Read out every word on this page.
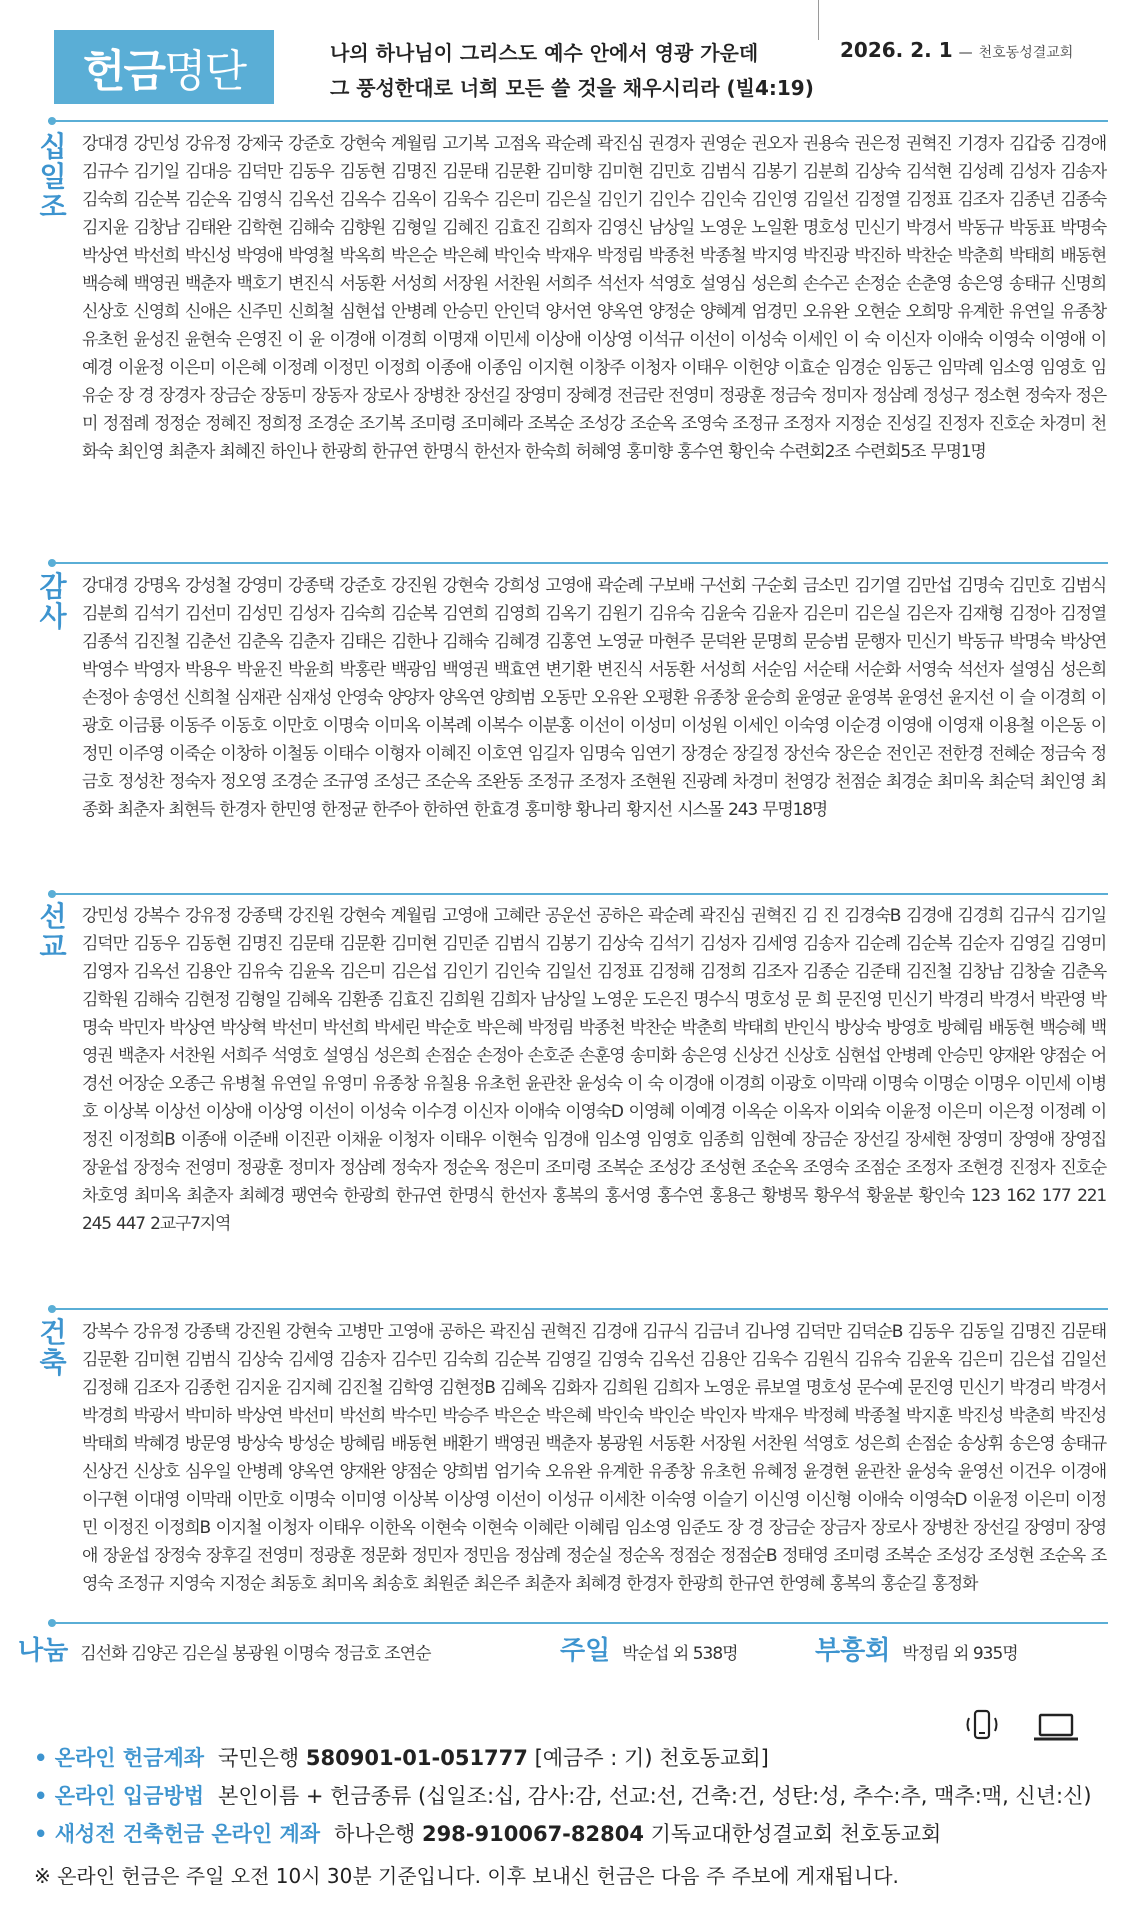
헌금 명단	나의 하나님이 그리스도 예수 안에서 영광 가운데
그 풍성한대로 너희 모든 쓸 것을 채우시리라 (빌4:19)
2026. 2. 1 — 천호동성결교회
십일조
강대경 강민성 강유정 강제국 강준호 강현숙 계월림 고기복 고점옥 곽순례 곽진심 권경자 권영순 권오자 권용숙 권은정 권혁진 기경자 김갑중 김경애 김규수 김기일 김대응 김덕만 김동우 김동현 김명진 김문태 김문환 김미향 김미현 김민호 김범식 김봉기 김분희 김상숙 김석현 김성례 김성자 김송자 김숙희 김순복 김순옥 김영식 김옥선 김옥수 김옥이 김욱수 김은미 김은실 김인기 김인수 김인숙 김인영 김일선 김정열 김정표 김조자 김종년 김종숙 김지윤 김창남 김태완 김학현 김해숙 김향원 김형일 김혜진 김효진 김희자 김영신 남상일 노영운 노일환 명호성 민신기 박경서 박동규 박동표 박명숙 박상연 박선희 박신성 박영애 박영철 박옥희 박은순 박은혜 박인숙 박재우 박정림 박종천 박종철 박지영 박진광 박진하 박찬순 박춘희 박태희 배동현 백승혜 백영권 백춘자 백호기 변진식 서동환 서성희 서장원 서찬원 서희주 석선자 석영호 설영심 성은희 손수곤 손정순 손춘영 송은영 송태규 신명희 신상호 신영희 신애은 신주민 신희철 심현섭 안병례 안승민 안인덕 양서연 양옥연 양정순 양혜계 엄경민 오유완 오현순 오희망 유계한 유연일 유종창 유초헌 윤성진 윤현숙 은영진 이 윤 이경애 이경희 이명재 이민세 이상애 이상영 이석규 이선이 이성숙 이세인 이 숙 이신자 이애숙 이영숙 이영애 이예경 이윤정 이은미 이은혜 이정례 이정민 이정희 이종애 이종임 이지현 이창주 이청자 이태우 이헌양 이효순 임경순 임동근 임막례 임소영 임영호 임유순 장 경 장경자 장금순 장동미 장동자 장로사 장병찬 장선길 장영미 장혜경 전금란 전영미 정광훈 정금숙 정미자 정삼례 정성구 정소현 정숙자 정은미 정점례 정정순 정혜진 정희정 조경순 조기복 조미령 조미혜라 조복순 조성강 조순옥 조영숙 조정규 조정자 지정순 진성길 진정자 진호순 차경미 천화숙 최인영 최춘자 최혜진 하인나 한광희 한규연 한명식 한선자 한숙희 허혜영 홍미향 홍수연 황인숙 수련회2조 수련회5조 무명1명
감사
강대경 강명옥 강성철 강영미 강종택 강준호 강진원 강현숙 강희성 고영애 곽순례 구보배 구선회 구순회 금소민 김기열 김만섭 김명숙 김민호 김범식 김분희 김석기 김선미 김성민 김성자 김숙희 김순복 김연희 김영희 김옥기 김원기 김유숙 김윤숙 김윤자 김은미 김은실 김은자 김재형 김정아 김정열 김종석 김진철 김춘선 김춘옥 김춘자 김태은 김한나 김해숙 김혜경 김홍연 노영균 마현주 문덕완 문명희 문승범 문행자 민신기 박동규 박명숙 박상연 박영수 박영자 박용우 박윤진 박윤희 박홍란 백광임 백영권 백효연 변기환 변진식 서동환 서성희 서순임 서순태 서순화 서영숙 석선자 설영심 성은희 손정아 송영선 신희철 심재관 심재성 안영숙 양양자 양옥연 양희범 오동만 오유완 오평환 유종창 윤승희 윤영균 윤영복 윤영선 윤지선 이 슬 이경희 이광호 이금룡 이동주 이동호 이만호 이명숙 이미옥 이복례 이복수 이분홍 이선이 이성미 이성원 이세인 이숙영 이순경 이영애 이영재 이용철 이은동 이정민 이주영 이죽순 이창하 이철동 이태수 이형자 이혜진 이호연 임길자 임명숙 임연기 장경순 장길정 장선숙 장은순 전인곤 전한경 전혜순 정금숙 정금호 정성찬 정숙자 정오영 조경순 조규영 조성근 조순옥 조완동 조정규 조정자 조현원 진광례 차경미 천영강 천점순 최경순 최미옥 최순덕 최인영 최종화 최춘자 최현득 한경자 한민영 한정균 한주아 한하연 한효경 홍미향 황나리 황지선 시스몰 243 무명18명
선교
강민성 강복수 강유정 강종택 강진원 강현숙 계월림 고영애 고혜란 공운선 공하은 곽순례 곽진심 권혁진 김 진 김경숙B 김경애 김경희 김규식 김기일 김덕만 김동우 김동현 김명진 김문태 김문환 김미현 김민준 김범식 김봉기 김상숙 김석기 김성자 김세영 김송자 김순례 김순복 김순자 김영길 김영미 김영자 김옥선 김용안 김유숙 김윤옥 김은미 김은섭 김인기 김인숙 김일선 김정표 김정해 김정희 김조자 김종순 김준태 김진철 김창남 김창술 김춘옥 김학원 김해숙 김현정 김형일 김혜옥 김환종 김효진 김희원 김희자 남상일 노영운 도은진 명수식 명호성 문 희 문진영 민신기 박경리 박경서 박관영 박명숙 박민자 박상연 박상혁 박선미 박선희 박세린 박순호 박은혜 박정림 박종천 박찬순 박춘희 박태희 반인식 방상숙 방영호 방혜림 배동현 백승혜 백영권 백춘자 서찬원 서희주 석영호 설영심 성은희 손점순 손정아 손호준 손훈영 송미화 송은영 신상건 신상호 심현섭 안병례 안승민 양재완 양점순 어경선 어장순 오종근 유병철 유연일 유영미 유종창 유칠용 유초헌 윤관찬 윤성숙 이 숙 이경애 이경희 이광호 이막래 이명숙 이명순 이명우 이민세 이병호 이상복 이상선 이상애 이상영 이선이 이성숙 이수경 이신자 이애숙 이영숙D 이영혜 이예경 이옥순 이옥자 이외숙 이윤정 이은미 이은정 이정례 이정진 이정희B 이종애 이준배 이진관 이채윤 이청자 이태우 이현숙 임경애 임소영 임영호 임종희 임현예 장금순 장선길 장세현 장영미 장영애 장영집 장윤섭 장정숙 전영미 정광훈 정미자 정삼례 정숙자 정순옥 정은미 조미령 조복순 조성강 조성현 조순옥 조영숙 조점순 조정자 조현경 진정자 진호순 차호영 최미옥 최춘자 최혜경 팽연숙 한광희 한규연 한명식 한선자 홍복의 홍서영 홍수연 홍용근 황병목 황우석 황윤분 황인숙 123 162 177 221 245 447 2교구7지역
건축
강복수 강유정 강종택 강진원 강현숙 고병만 고영애 공하은 곽진심 권혁진 김경애 김규식 김금녀 김나영 김덕만 김덕순B 김동우 김동일 김명진 김문태 김문환 김미현 김범식 김상숙 김세영 김송자 김수민 김숙희 김순복 김영길 김영숙 김옥선 김용안 김욱수 김원식 김유숙 김윤옥 김은미 김은섭 김일선 김정해 김조자 김종헌 김지윤 김지혜 김진철 김학영 김현정B 김혜옥 김화자 김희원 김희자 노영운 류보열 명호성 문수예 문진영 민신기 박경리 박경서 박경희 박광서 박미하 박상연 박선미 박선희 박수민 박승주 박은순 박은혜 박인숙 박인순 박인자 박재우 박정혜 박종철 박지훈 박진성 박춘희 박진성 박태희 박혜경 방문영 방상숙 방성순 방혜림 배동현 배환기 백영권 백춘자 봉광원 서동환 서장원 서찬원 석영호 성은희 손점순 송상휘 송은영 송태규 신상건 신상호 심우일 안병례 양옥연 양재완 양점순 양희범 엄기숙 오유완 유계한 유종창 유초헌 유혜정 윤경현 윤관찬 윤성숙 윤영선 이건우 이경애 이구현 이대영 이막래 이만호 이명숙 이미영 이상복 이상영 이선이 이성규 이세찬 이숙영 이슬기 이신영 이신형 이애숙 이영숙D 이윤정 이은미 이정민 이정진 이정희B 이지철 이청자 이태우 이한옥 이현숙 이현숙 이혜란 이혜림 임소영 임준도 장 경 장금순 장금자 장로사 장병찬 장선길 장영미 장영애 장윤섭 장정숙 장후길 전영미 정광훈 정문화 정민자 정민음 정삼례 정순실 정순옥 정점순 정점순B 정태영 조미령 조복순 조성강 조성현 조순옥 조영숙 조정규 지영숙 지정순 최동호 최미옥 최송호 최원준 최은주 최춘자 최혜경 한경자 한광희 한규연 한영혜 홍복의 홍순길 홍정화
나눔 김선화 김양곤 김은실 봉광원 이명숙 정금호 조연순	주일 박순섭 외 538명	부흥회 박정림 외 935명
• 온라인 헌금계좌 국민은행 580901-01-051777 [예금주 : 기) 천호동교회]
• 온라인 입금방법 본인이름 + 헌금종류 (십일조:십, 감사:감, 선교:선, 건축:건, 성탄:성, 추수:추, 맥추:맥, 신년:신)
• 새성전 건축헌금 온라인 계좌 하나은행 298-910067-82804 기독교대한성결교회 천호동교회
※ 온라인 헌금은 주일 오전 10시 30분 기준입니다. 이후 보내신 헌금은 다음 주 주보에 게재됩니다.
